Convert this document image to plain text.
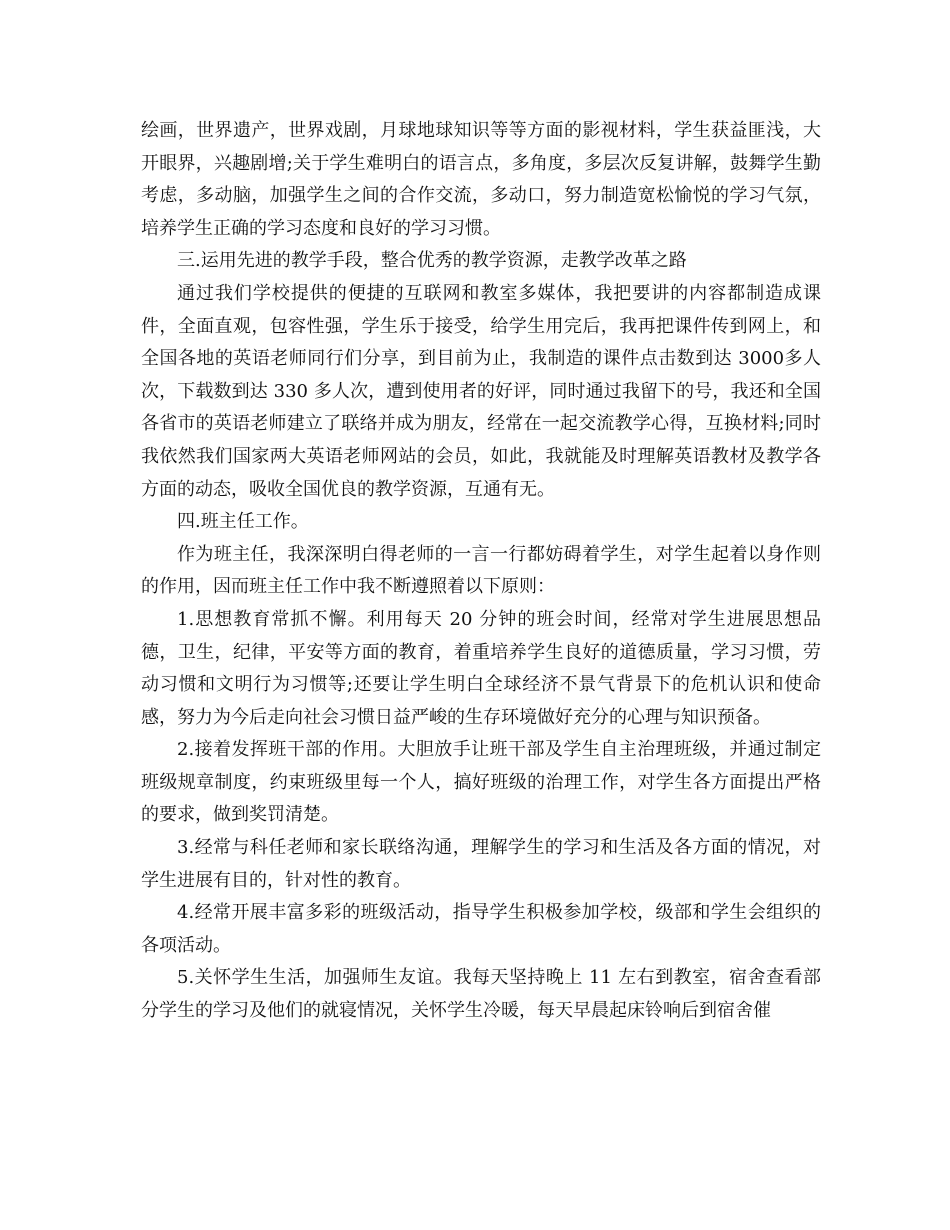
绘画，世界遗产，世界戏剧，月球地球知识等等方面的影视材料，学生获益匪浅，大开眼界，兴趣剧增;关于学生难明白的语言点，多角度，多层次反复讲解，鼓舞学生勤考虑，多动脑，加强学生之间的合作交流，多动口，努力制造宽松愉悦的学习气氛，培养学生正确的学习态度和良好的学习习惯。

三.运用先进的教学手段，整合优秀的教学资源，走教学改革之路

通过我们学校提供的便捷的互联网和教室多媒体，我把要讲的内容都制造成课件，全面直观，包容性强，学生乐于接受，给学生用完后，我再把课件传到网上，和全国各地的英语老师同行们分享，到目前为止，我制造的课件点击数到达 3000多人次，下载数到达 330 多人次，遭到使用者的好评，同时通过我留下的号，我还和全国各省市的英语老师建立了联络并成为朋友，经常在一起交流教学心得，互换材料;同时我依然我们国家两大英语老师网站的会员，如此，我就能及时理解英语教材及教学各方面的动态，吸收全国优良的教学资源，互通有无。

四.班主任工作。

作为班主任，我深深明白得老师的一言一行都妨碍着学生，对学生起着以身作则的作用，因而班主任工作中我不断遵照着以下原则：

1.思想教育常抓不懈。利用每天 20 分钟的班会时间，经常对学生进展思想品德，卫生，纪律，平安等方面的教育，着重培养学生良好的道德质量，学习习惯，劳动习惯和文明行为习惯等;还要让学生明白全球经济不景气背景下的危机认识和使命感，努力为今后走向社会习惯日益严峻的生存环境做好充分的心理与知识预备。

2.接着发挥班干部的作用。大胆放手让班干部及学生自主治理班级，并通过制定班级规章制度，约束班级里每一个人，搞好班级的治理工作，对学生各方面提出严格的要求，做到奖罚清楚。

3.经常与科任老师和家长联络沟通，理解学生的学习和生活及各方面的情况，对学生进展有目的，针对性的教育。

4.经常开展丰富多彩的班级活动，指导学生积极参加学校，级部和学生会组织的各项活动。

5.关怀学生生活，加强师生友谊。我每天坚持晚上 11 左右到教室，宿舍查看部分学生的学习及他们的就寝情况，关怀学生冷暖，每天早晨起床铃响后到宿舍催
